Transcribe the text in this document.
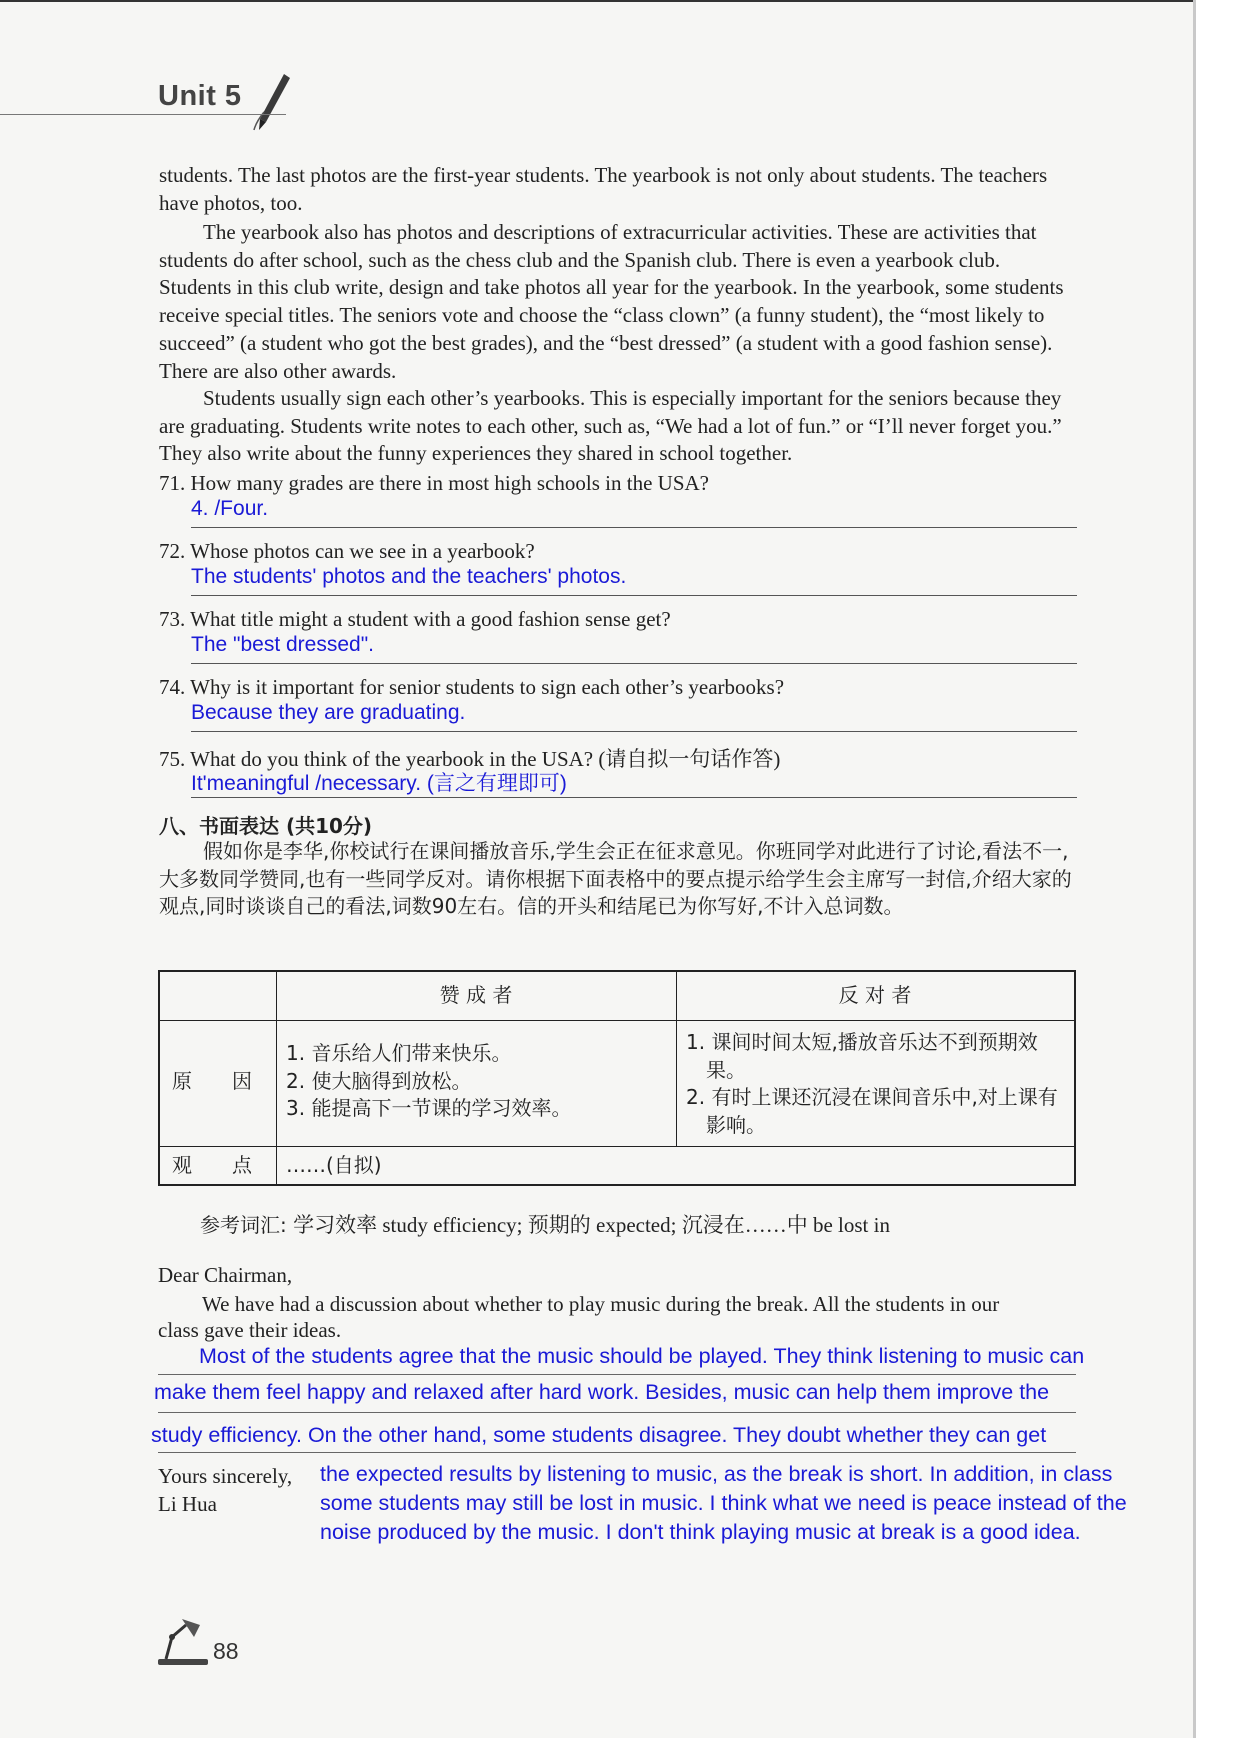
Unit 5
students. The last photos are the first-year students. The yearbook is not only about students. The teachers have photos, too.
The yearbook also has photos and descriptions of extracurricular activities. These are activities that students do after school, such as the chess club and the Spanish club. There is even a yearbook club. Students in this club write, design and take photos all year for the yearbook. In the yearbook, some students receive special titles. The seniors vote and choose the “class clown” (a funny student), the “most likely to succeed” (a student who got the best grades), and the “best dressed” (a student with a good fashion sense). There are also other awards.
Students usually sign each other’s yearbooks. This is especially important for the seniors because they are graduating. Students write notes to each other, such as, “We had a lot of fun.” or “I’ll never forget you.” They also write about the funny experiences they shared in school together.
71. How many grades are there in most high schools in the USA?
4. /Four.
72. Whose photos can we see in a yearbook?
The students' photos and the teachers' photos.
73. What title might a student with a good fashion sense get?
The "best dressed".
74. Why is it important for senior students to sign each other’s yearbooks?
Because they are graduating.
75. What do you think of the yearbook in the USA? (请自拟一句话作答)
It'meaningful /necessary. (言之有理即可)
八、书面表达 (共10分)
假如你是李华,你校试行在课间播放音乐,学生会正在征求意见。你班同学对此进行了讨论,看法不一,大多数同学赞同,也有一些同学反对。请你根据下面表格中的要点提示给学生会主席写一封信,介绍大家的观点,同时谈谈自己的看法,词数90左右。信的开头和结尾已为你写好,不计入总词数。
赞 成 者	反 对 者
原　　因
1. 音乐给人们带来快乐。
2. 使大脑得到放松。
3. 能提高下一节课的学习效率。
1. 课间时间太短,播放音乐达不到预期效果。
2. 有时上课还沉浸在课间音乐中,对上课有影响。
观　　点	……(自拟)
参考词汇: 学习效率 study efficiency; 预期的 expected; 沉浸在……中 be lost in
Dear Chairman,
We have had a discussion about whether to play music during the break. All the students in our
class gave their ideas.
Most of the students agree that the music should be played. They think listening to music can
make them feel happy and relaxed after hard work. Besides, music can help them improve the
study efficiency. On the other hand, some students disagree. They doubt whether they can get
Yours sincerely,
Li Hua
the expected results by listening to music, as the break is short. In addition, in class
some students may still be lost in music. I think what we need is peace instead of the
noise produced by the music. I don't think playing music at break is a good idea.
88
